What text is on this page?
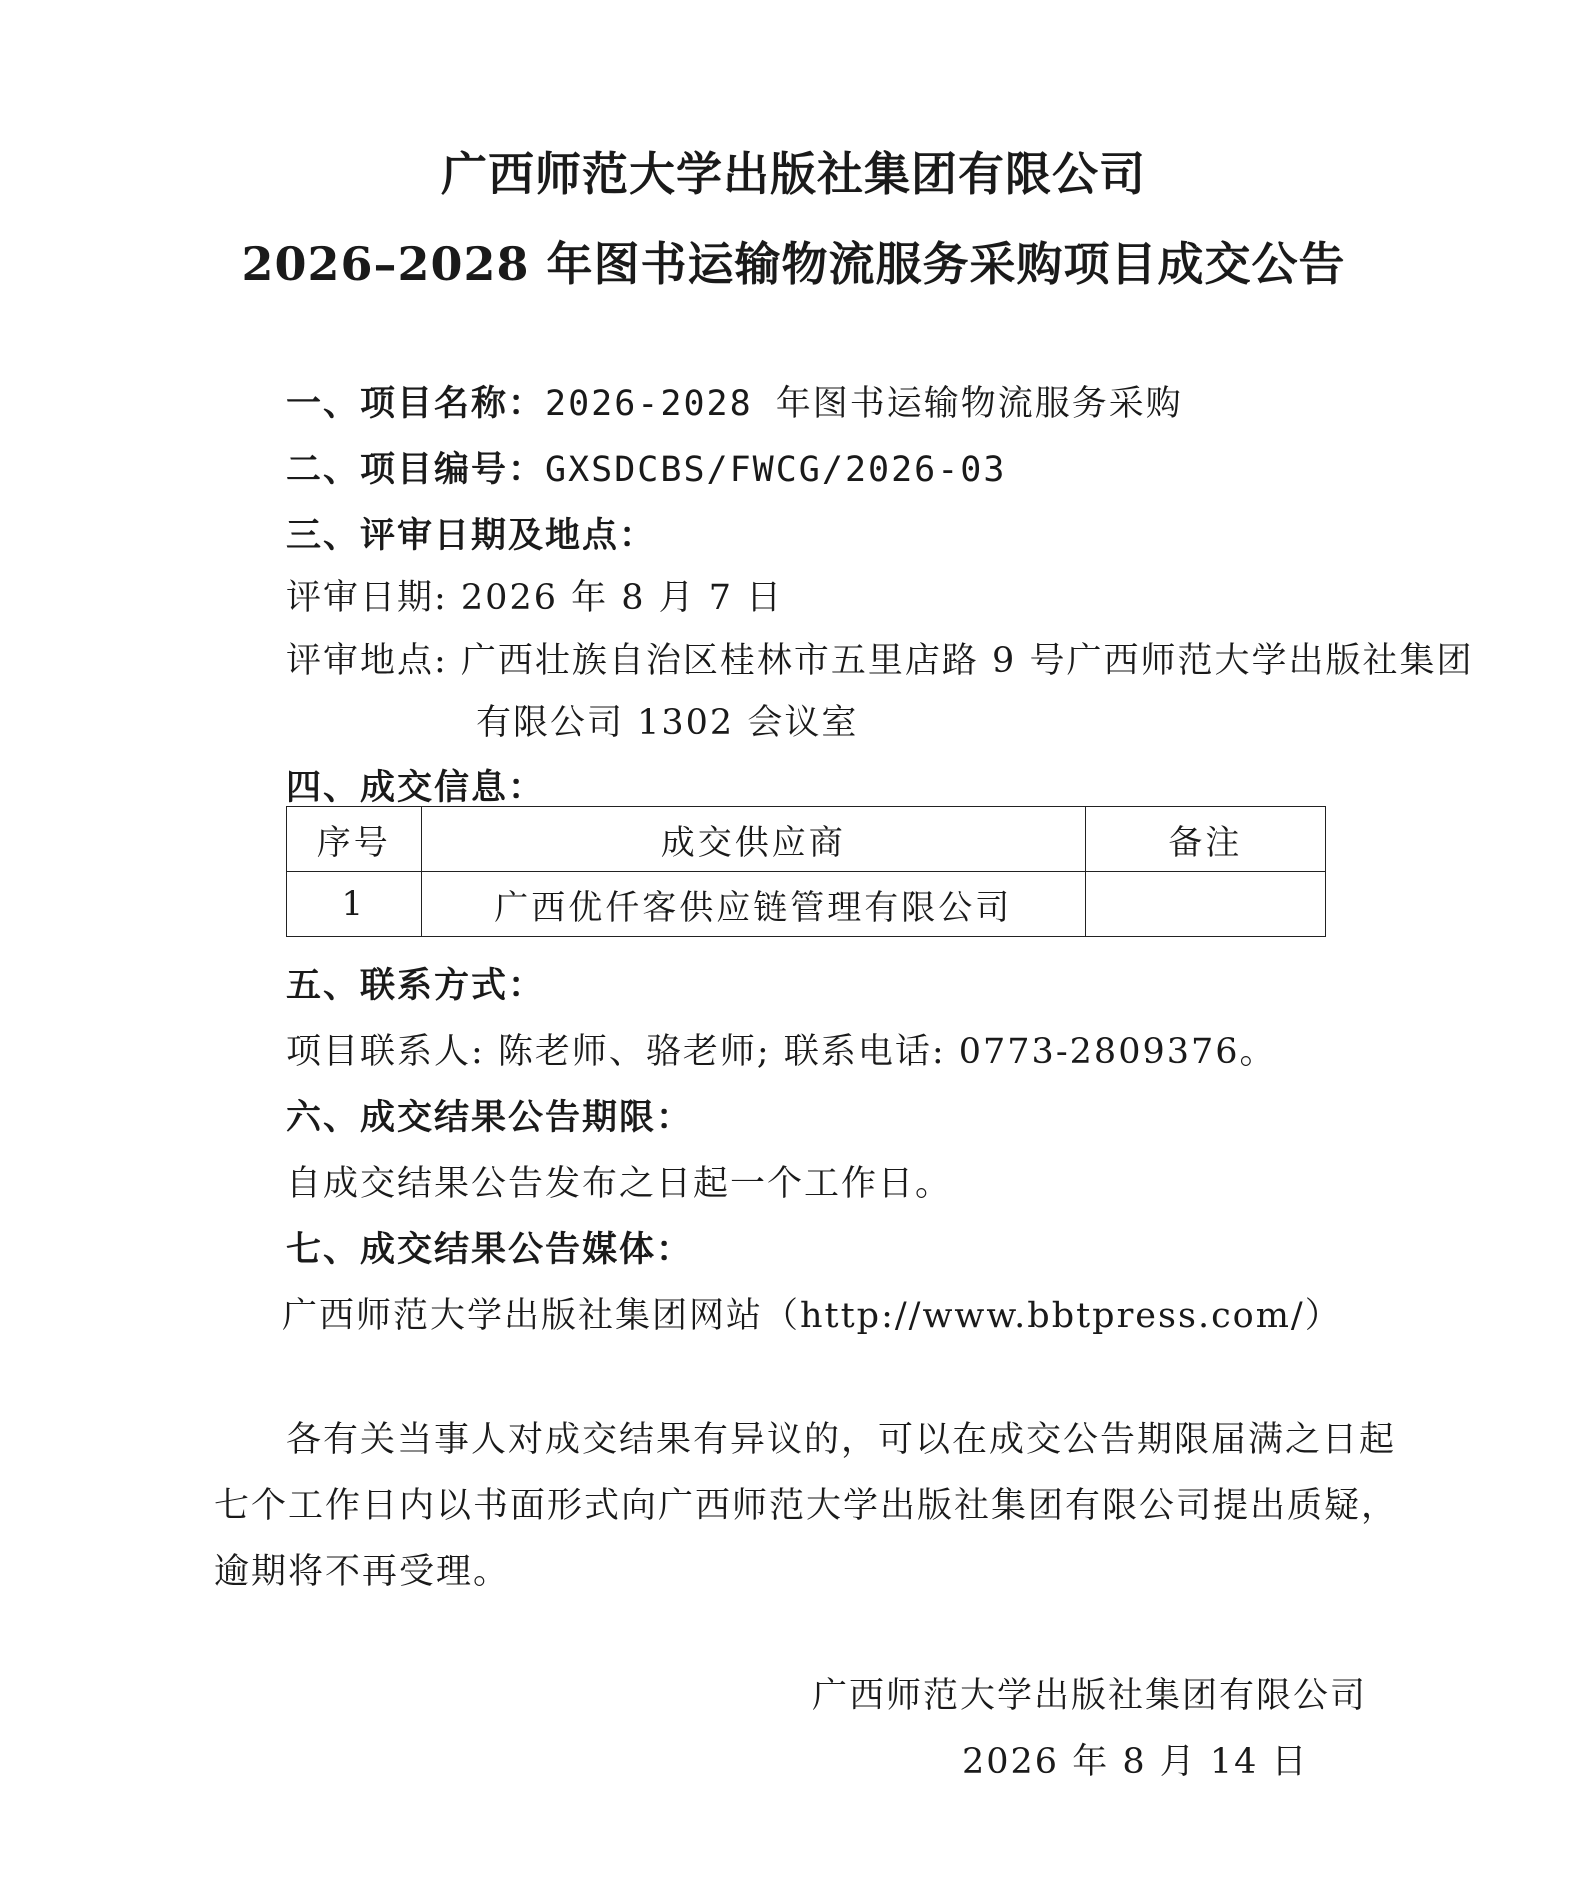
广西师范大学出版社集团有限公司
2026–2028 年图书运输物流服务采购项目成交公告
一、项目名称：2026-2028 年图书运输物流服务采购
二、项目编号：GXSDCBS/FWCG/2026-03
三、评审日期及地点：
评审日期: 2026 年 8 月 7 日
评审地点: 广西壮族自治区桂林市五里店路 9 号广西师范大学出版社集团
有限公司 1302 会议室
四、成交信息：
序号	成交供应商	备注
1	广西优仟客供应链管理有限公司	
五、联系方式：
项目联系人: 陈老师、骆老师; 联系电话: 0773-2809376。
六、成交结果公告期限：
自成交结果公告发布之日起一个工作日。
七、成交结果公告媒体：
广西师范大学出版社集团网站（http://www.bbtpress.com/）
各有关当事人对成交结果有异议的，可以在成交公告期限届满之日起
七个工作日内以书面形式向广西师范大学出版社集团有限公司提出质疑，
逾期将不再受理。
广西师范大学出版社集团有限公司
2026 年 8 月 14 日
